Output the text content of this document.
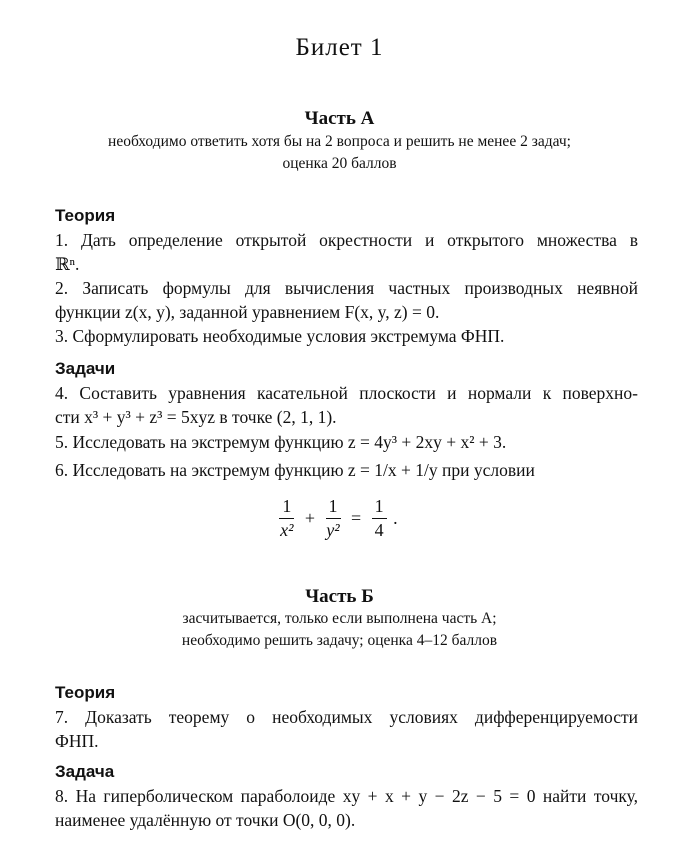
Билет 1
Часть А
необходимо ответить хотя бы на 2 вопроса и решить не менее 2 задач;
оценка 20 баллов
Теория
1. Дать определение открытой окрестности и открытого множества в
ℝⁿ.
2. Записать формулы для вычисления частных производных неявной
функции z(x, y), заданной уравнением F(x, y, z) = 0.
3. Сформулировать необходимые условия экстремума ФНП.
Задачи
4. Составить уравнения касательной плоскости и нормали к поверхно-
сти x³ + y³ + z³ = 5xyz в точке (2, 1, 1).
5. Исследовать на экстремум функцию z = 4y³ + 2xy + x² + 3.
6. Исследовать на экстремум функцию z = 1/x + 1/y при условии
$\frac{1}{\text{x²}} + \frac{1}{\text{y²}} = \frac{1}{4}$ .
Часть Б
засчитывается, только если выполнена часть А;
необходимо решить задачу; оценка 4–12 баллов
Теория
7. Доказать теорему о необходимых условиях дифференцируемости
ФНП.
Задача
8. На гиперболическом параболоиде xy + x + y − 2z − 5 = 0 найти точку,
наименее удалённую от точки O(0, 0, 0).
